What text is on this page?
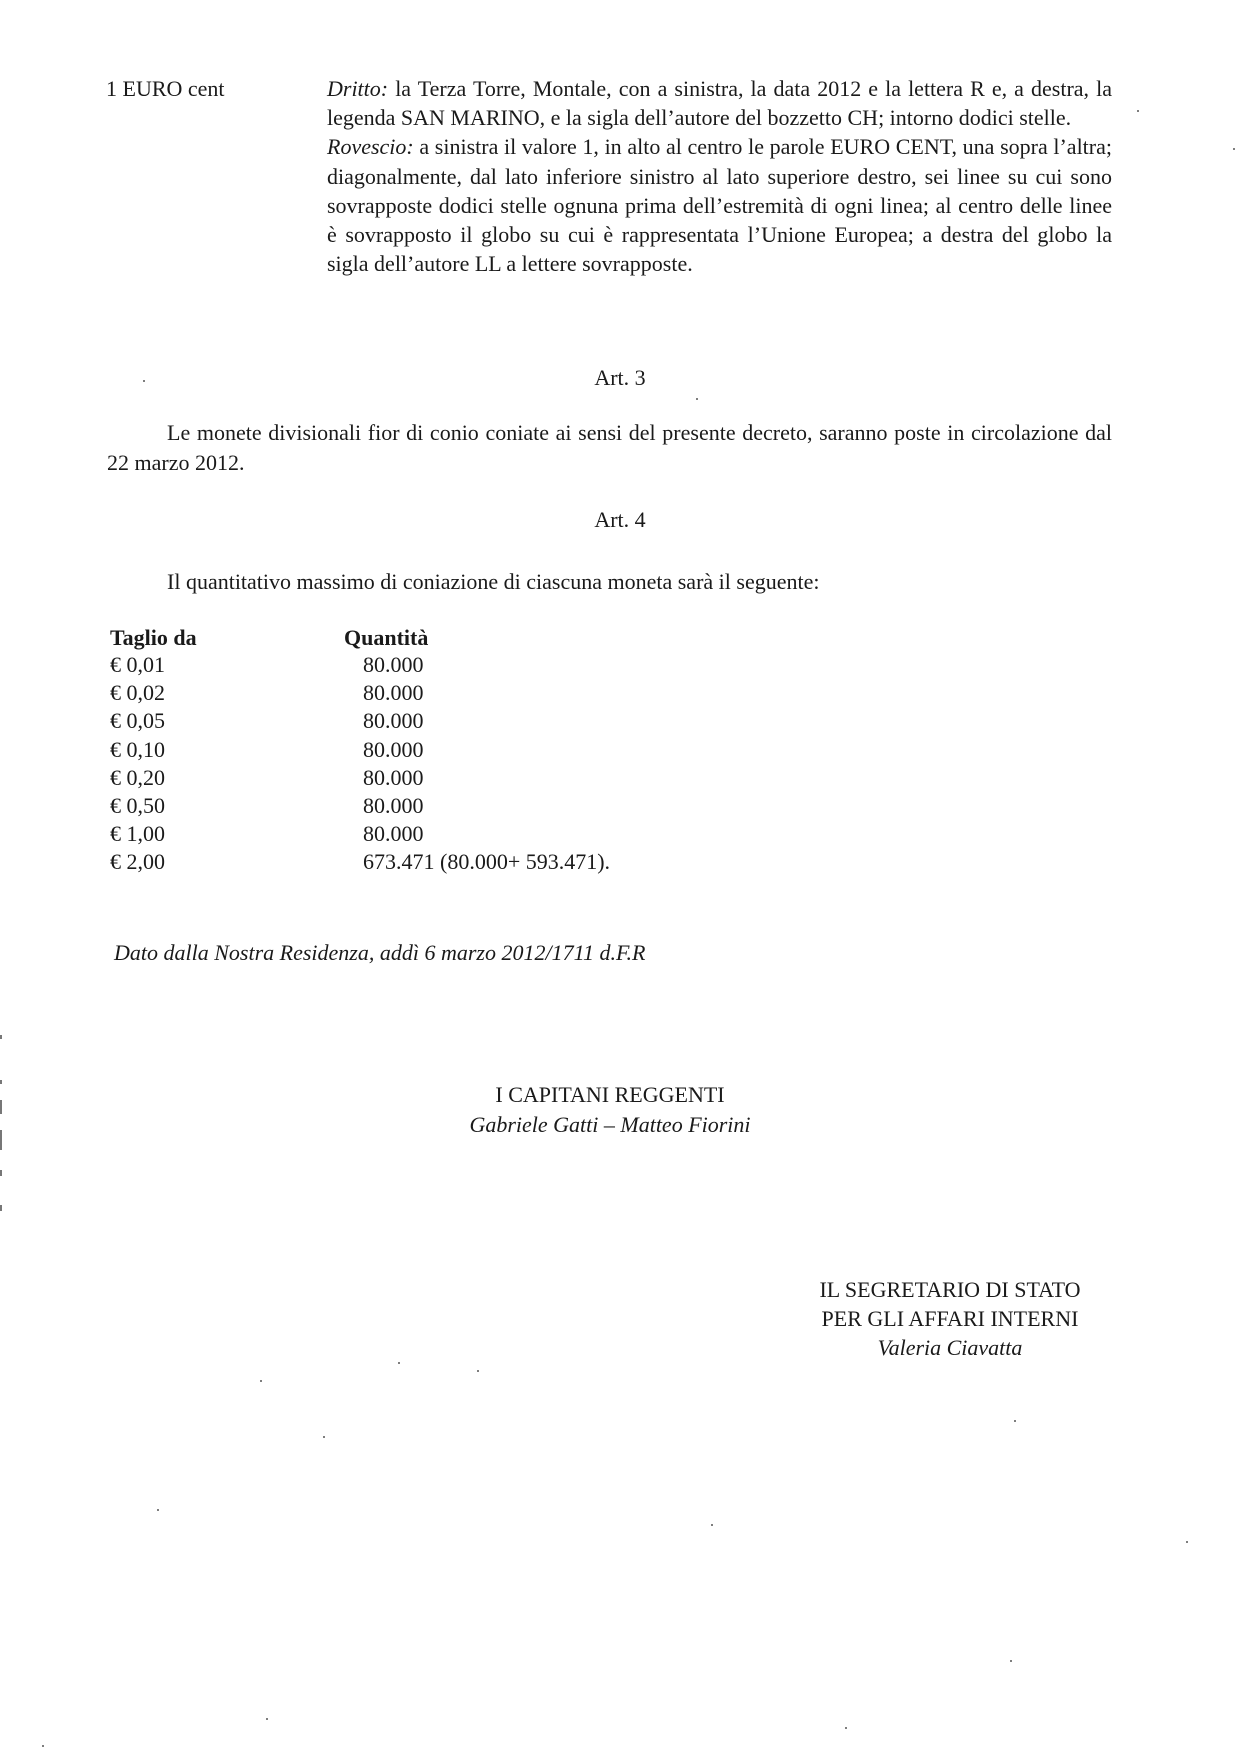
1 EURO cent	Dritto: la Terza Torre, Montale, con a sinistra, la data 2012 e la lettera R e, a destra, la legenda SAN MARINO, e la sigla dell’autore del bozzetto CH; intorno dodici stelle.

Rovescio: a sinistra il valore 1, in alto al centro le parole EURO CENT, una sopra l’altra; diagonalmente, dal lato inferiore sinistro al lato superiore destro, sei linee su cui sono sovrapposte dodici stelle ognuna prima dell’estremità di ogni linea; al centro delle linee è sovrapposto il globo su cui è rappresentata l’Unione Europea; a destra del globo la sigla dell’autore LL a lettere sovrapposte.

Art. 3
Le monete divisionali fior di conio coniate ai sensi del presente decreto, saranno poste in circolazione dal 22 marzo 2012.
Art. 4
Il quantitativo massimo di coniazione di ciascuna moneta sarà il seguente:
Taglio da	Quantità
€ 0,01	80.000
€ 0,02	80.000
€ 0,05	80.000
€ 0,10	80.000
€ 0,20	80.000
€ 0,50	80.000
€ 1,00	80.000
€ 2,00	673.471 (80.000+ 593.471).
Dato dalla Nostra Residenza, addì 6 marzo 2012/1711 d.F.R
I CAPITANI REGGENTI
Gabriele Gatti – Matteo Fiorini
IL SEGRETARIO DI STATO
PER GLI AFFARI INTERNI
Valeria Ciavatta
